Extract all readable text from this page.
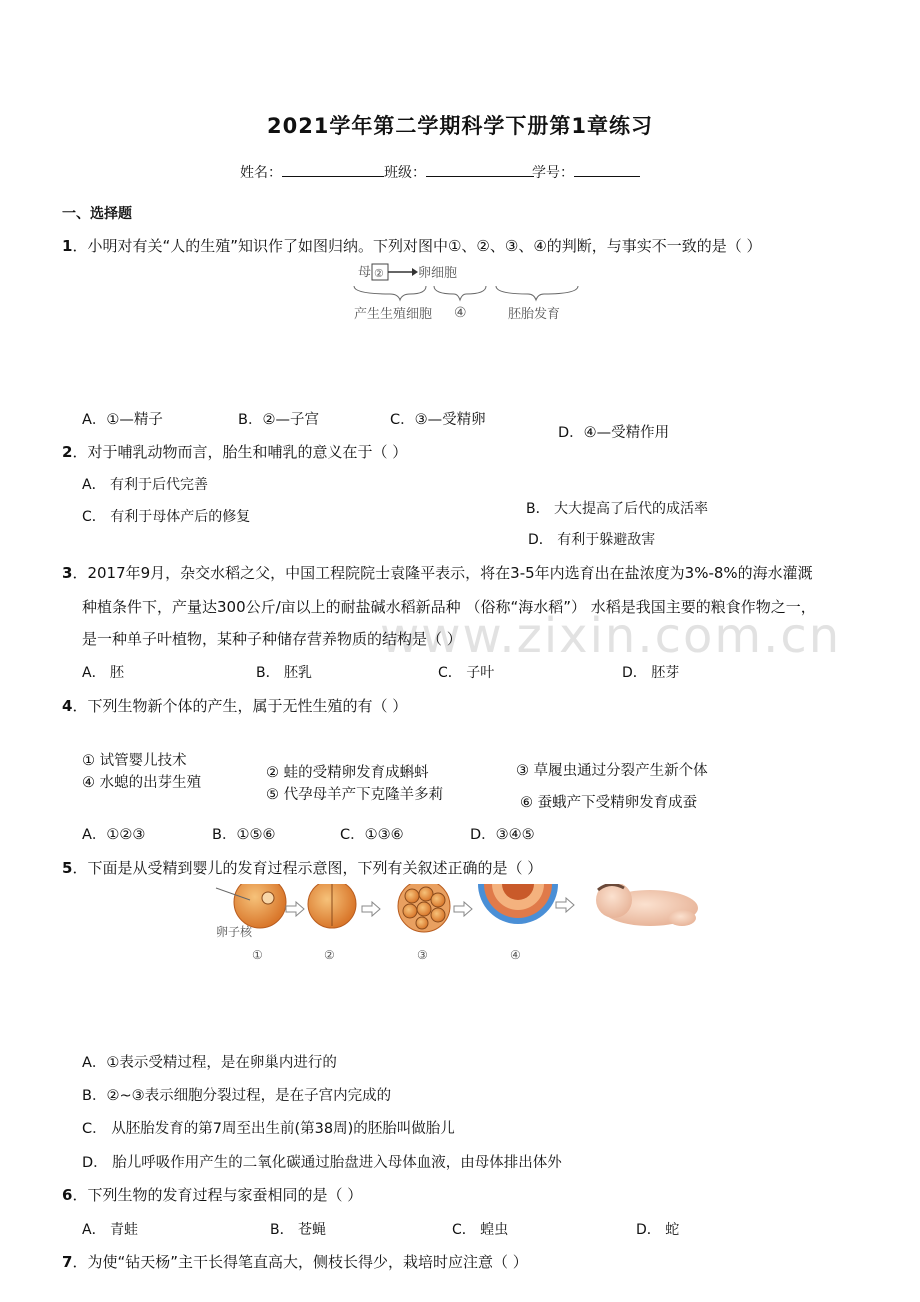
2021学年第二学期科学下册第1章练习
姓名：	班级：	学号：
一、选择题
www.zixin.com.cn
1．小明对有关“人的生殖”知识作了如图归纳。下列对图中①、②、③、④的判断，与事实不一致的是（ ）
母 ②	卵细胞
产生生殖细胞 ④	胚胎发育
A．①—精子	B．②—子宫	C．③—受精卵
D．④—受精作用
2．对于哺乳动物而言，胎生和哺乳的意义在于（ ）
A． 有利于后代完善
B． 大大提高了后代的成活率
C． 有利于母体产后的修复
D． 有利于躲避敌害
3．2017年9月，杂交水稻之父，中国工程院院士袁隆平表示，将在3-5年内选育出在盐浓度为3%-8%的海水灌溉
种植条件下，产量达300公斤/亩以上的耐盐碱水稻新品种 （俗称“海水稻”） 水稻是我国主要的粮食作物之一，
是一种单子叶植物，某种子种储存营养物质的结构是（ ）
A． 胚	B． 胚乳	C． 子叶	D． 胚芽
4．下列生物新个体的产生，属于无性生殖的有（ ）
① 试管婴儿技术
④ 水螅的出芽生殖
② 蛙的受精卵发育成蝌蚪
⑤ 代孕母羊产下克隆羊多莉
③ 草履虫通过分裂产生新个体
⑥ 蚕蛾产下受精卵发育成蚕
A．①②③	B．①⑤⑥	C．①③⑥	D．③④⑤
5．下面是从受精到婴儿的发育过程示意图，下列有关叙述正确的是（ ）
卵子核
①	②	③	④
A．①表示受精过程，是在卵巢内进行的
B．②~③表示细胞分裂过程，是在子宫内完成的
C． 从胚胎发育的第7周至出生前(第38周)的胚胎叫做胎儿
D． 胎儿呼吸作用产生的二氧化碳通过胎盘进入母体血液，由母体排出体外
6．下列生物的发育过程与家蚕相同的是（ ）
A． 青蛙	B． 苍蝇	C． 蝗虫	D． 蛇
7．为使“钻天杨”主干长得笔直高大，侧枝长得少，栽培时应注意（ ）
